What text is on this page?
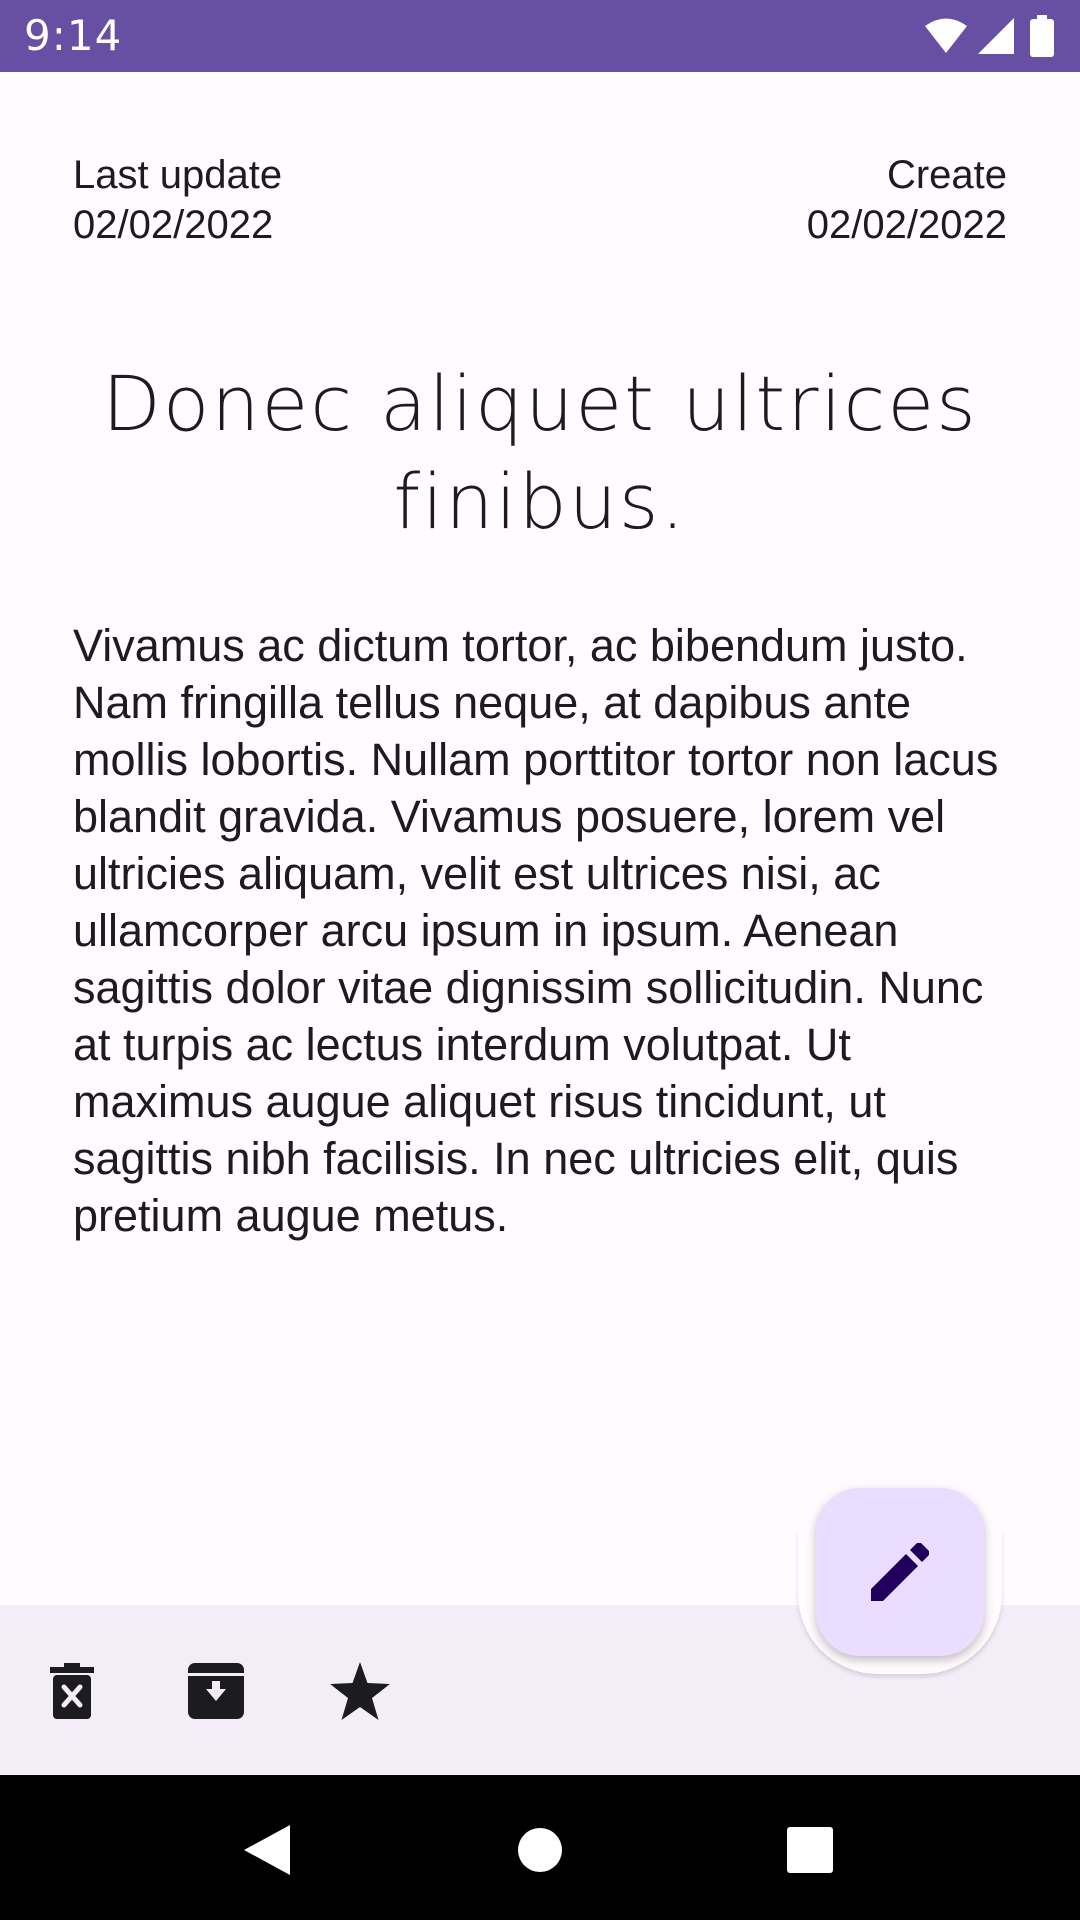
9:14
Last update
02/02/2022
Create
02/02/2022
Donec aliquet ultrices finibus.
Vivamus ac dictum tortor, ac bibendum justo. Nam fringilla tellus neque, at dapibus ante mollis lobortis. Nullam porttitor tortor non lacus blandit gravida. Vivamus posuere, lorem vel ultricies aliquam, velit est ultrices nisi, ac ullamcorper arcu ipsum in ipsum. Aenean sagittis dolor vitae dignissim sollicitudin. Nunc at turpis ac lectus interdum volutpat. Ut maximus augue aliquet risus tincidunt, ut sagittis nibh facilisis. In nec ultricies elit, quis pretium augue metus.
